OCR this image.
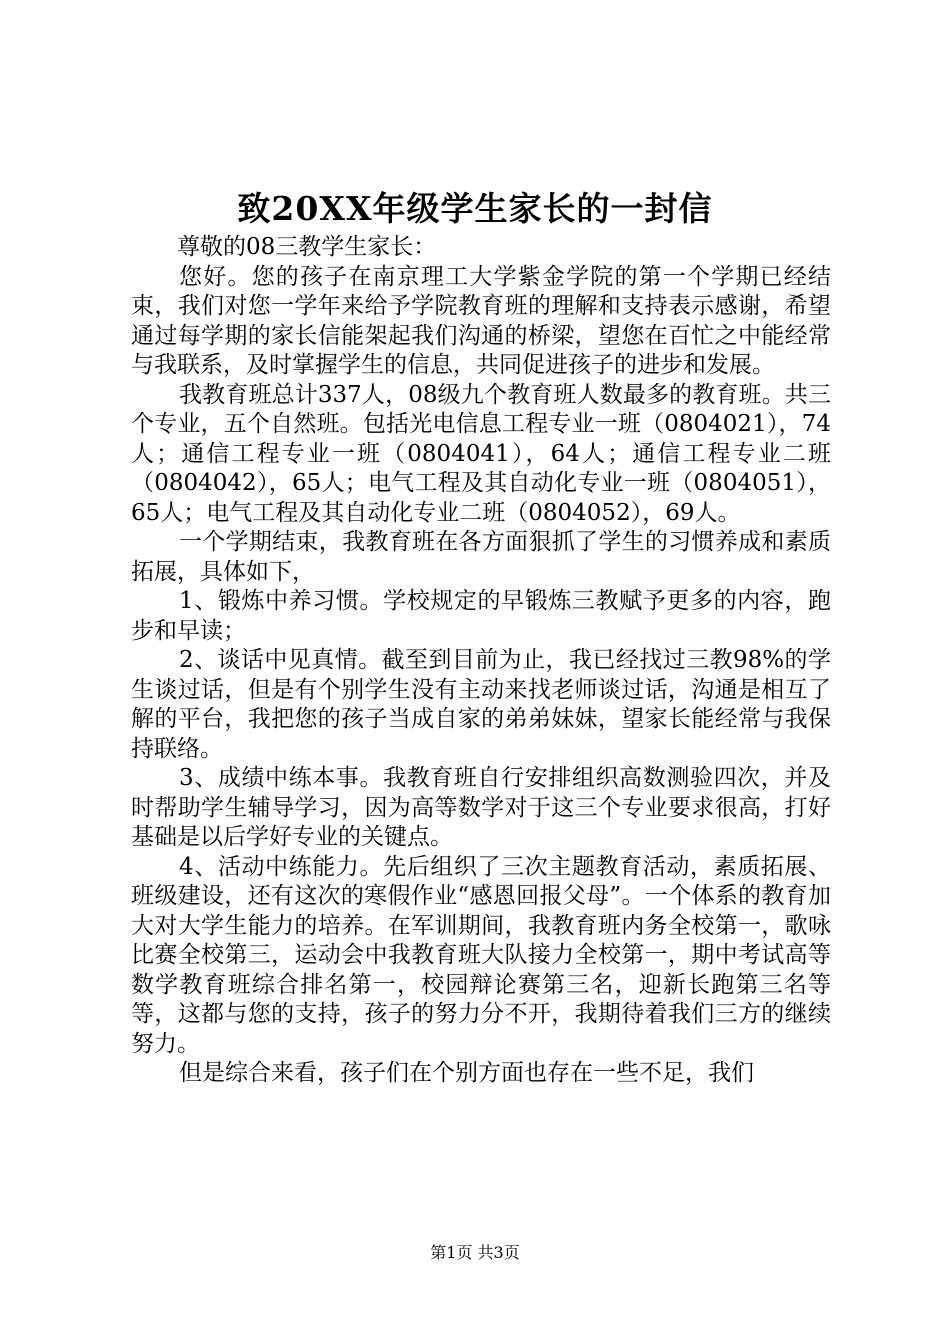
致20XX年级学生家长的一封信

尊敬的08三教学生家长：

您好。您的孩子在南京理工大学紫金学院的第一个学期已经结束，我们对您一学年来给予学院教育班的理解和支持表示感谢，希望通过每学期的家长信能架起我们沟通的桥梁，望您在百忙之中能经常与我联系，及时掌握学生的信息，共同促进孩子的进步和发展。

我教育班总计337人，08级九个教育班人数最多的教育班。共三个专业，五个自然班。包括光电信息工程专业一班（0804021），74人；通信工程专业一班（0804041），64人；通信工程专业二班（0804042），65人；电气工程及其自动化专业一班（0804051），65人；电气工程及其自动化专业二班（0804052），69人。

一个学期结束，我教育班在各方面狠抓了学生的习惯养成和素质拓展，具体如下，

1、锻炼中养习惯。学校规定的早锻炼三教赋予更多的内容，跑步和早读；

2、谈话中见真情。截至到目前为止，我已经找过三教98%的学生谈过话，但是有个别学生没有主动来找老师谈过话，沟通是相互了解的平台，我把您的孩子当成自家的弟弟妹妹，望家长能经常与我保持联络。

3、成绩中练本事。我教育班自行安排组织高数测验四次，并及时帮助学生辅导学习，因为高等数学对于这三个专业要求很高，打好基础是以后学好专业的关键点。

4、活动中练能力。先后组织了三次主题教育活动，素质拓展、班级建设，还有这次的寒假作业“感恩回报父母”。一个体系的教育加大对大学生能力的培养。在军训期间，我教育班内务全校第一，歌咏比赛全校第三，运动会中我教育班大队接力全校第一，期中考试高等数学教育班综合排名第一，校园辩论赛第三名，迎新长跑第三名等等，这都与您的支持，孩子的努力分不开，我期待着我们三方的继续努力。

但是综合来看，孩子们在个别方面也存在一些不足，我们

第1页 共3页
